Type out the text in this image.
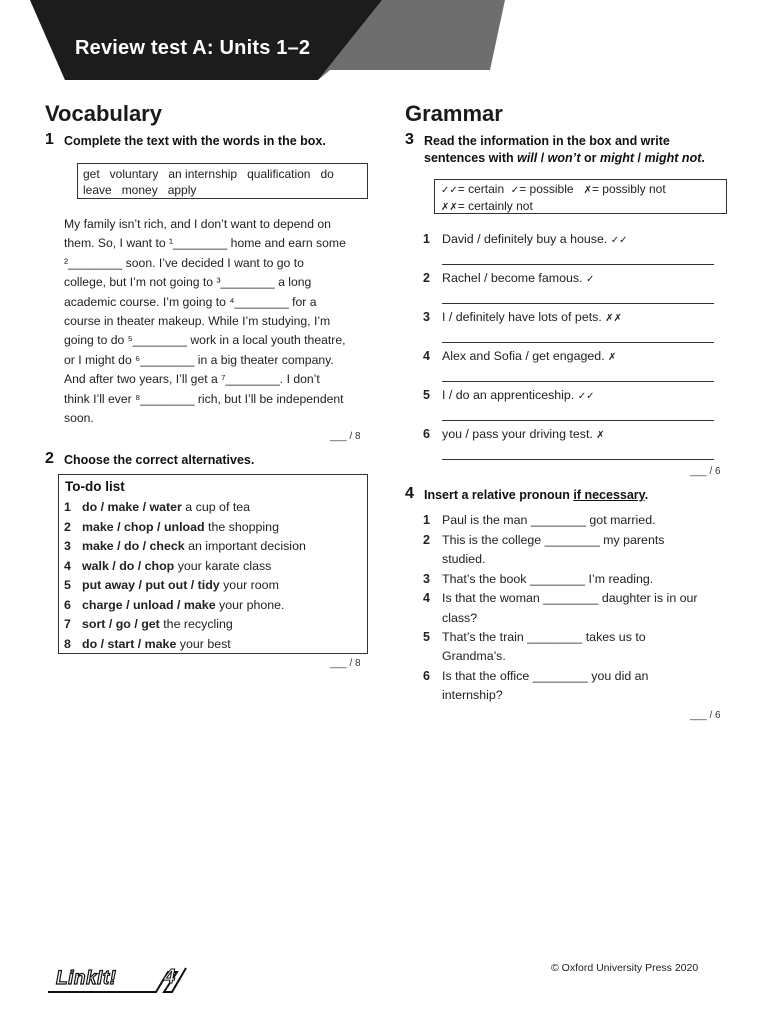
Review test A: Units 1–2
Vocabulary
1 Complete the text with the words in the box.
get   voluntary   an internship   qualification   do
leave   money   apply
My family isn’t rich, and I don’t want to depend on
them. So, I want to ¹________ home and earn some
²________ soon. I’ve decided I want to go to
college, but I’m not going to ³________ a long
academic course. I’m going to ⁴________ for a
course in theater makeup. While I’m studying, I’m
going to do ⁵________ work in a local youth theatre,
or I might do ⁶________ in a big theater company.
And after two years, I’ll get a ⁷________. I don’t
think I’ll ever ⁸________ rich, but I’ll be independent
soon.
___ / 8
2 Choose the correct alternatives.
To-do list
1 do / make / water a cup of tea
2 make / chop / unload the shopping
3 make / do / check an important decision
4 walk / do / chop your karate class
5 put away / put out / tidy your room
6 charge / unload / make your phone.
7 sort / go / get the recycling
8 do / start / make your best
___ / 8
Grammar
3 Read the information in the box and write
sentences with will / won’t or might / might not.
✓✓= certain  ✓= possible   ✗= possibly not
✗✗= certainly not
1 David / definitely buy a house. ✓✓
2 Rachel / become famous. ✓
3 I / definitely have lots of pets. ✗✗
4 Alex and Sofia / get engaged. ✗
5 I / do an apprenticeship. ✓✓
6 you / pass your driving test. ✗
___ / 6
4 Insert a relative pronoun if necessary.
1 Paul is the man ________ got married.
2 This is the college ________ my parents
studied.
3 That’s the book ________ I’m reading.
4 Is that the woman ________ daughter is in our
class?
5 That’s the train ________ takes us to
Grandma’s.
6 Is that the office ________ you did an
internship?
___ / 6
LinkIt! 4	© Oxford University Press 2020
